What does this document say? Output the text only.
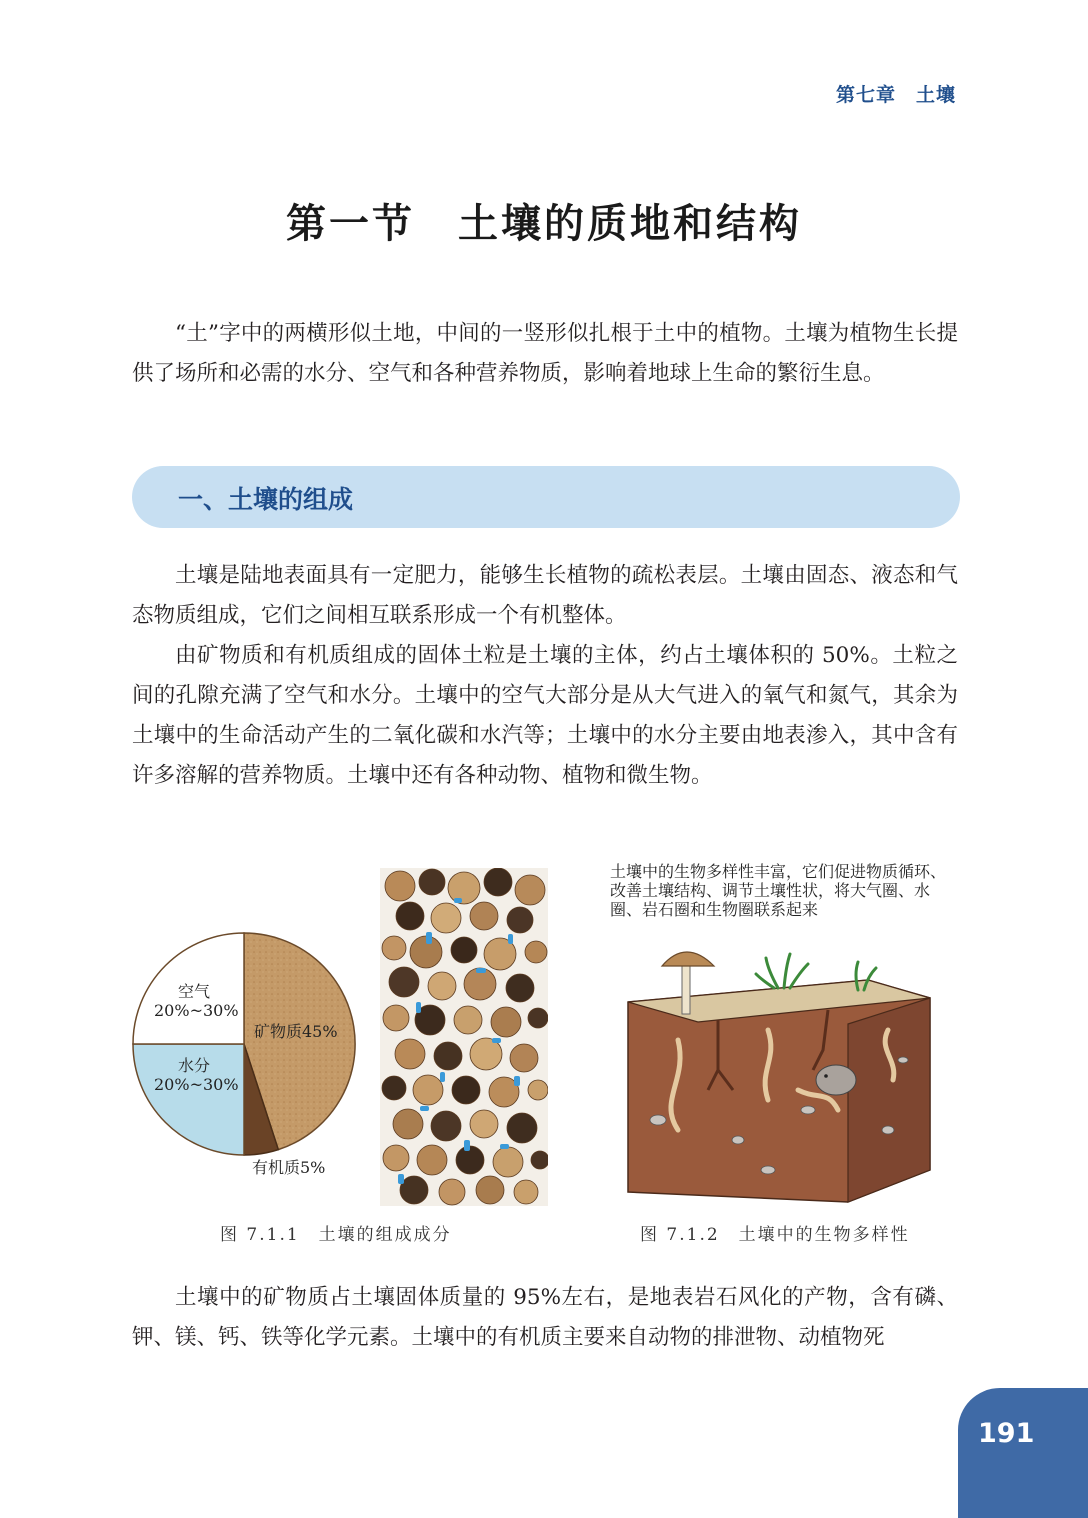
第七章　土壤
第一节　土壤的质地和结构

“土”字中的两横形似土地，中间的一竖形似扎根于土中的植物。土壤为植物生长提供了场所和必需的水分、空气和各种营养物质，影响着地球上生命的繁衍生息。

一、土壤的组成

土壤是陆地表面具有一定肥力，能够生长植物的疏松表层。土壤由固态、液态和气态物质组成，它们之间相互联系形成一个有机整体。

由矿物质和有机质组成的固体土粒是土壤的主体，约占土壤体积的 50%。土粒之间的孔隙充满了空气和水分。土壤中的空气大部分是从大气进入的氧气和氮气，其余为土壤中的生命活动产生的二氧化碳和水汽等；土壤中的水分主要由地表渗入，其中含有许多溶解的营养物质。土壤中还有各种动物、植物和微生物。

空气
20%~30%
水分
20%~30%
矿物质45%
有机质5%
图 7.1.1　土壤的组成成分
土壤中的生物多样性丰富，它们促进物质循环、改善土壤结构、调节土壤性状，将大气圈、水圈、岩石圈和生物圈联系起来
图 7.1.2　土壤中的生物多样性

土壤中的矿物质占土壤固体质量的 95%左右，是地表岩石风化的产物，含有磷、钾、镁、钙、铁等化学元素。土壤中的有机质主要来自动物的排泄物、动植物死

191
